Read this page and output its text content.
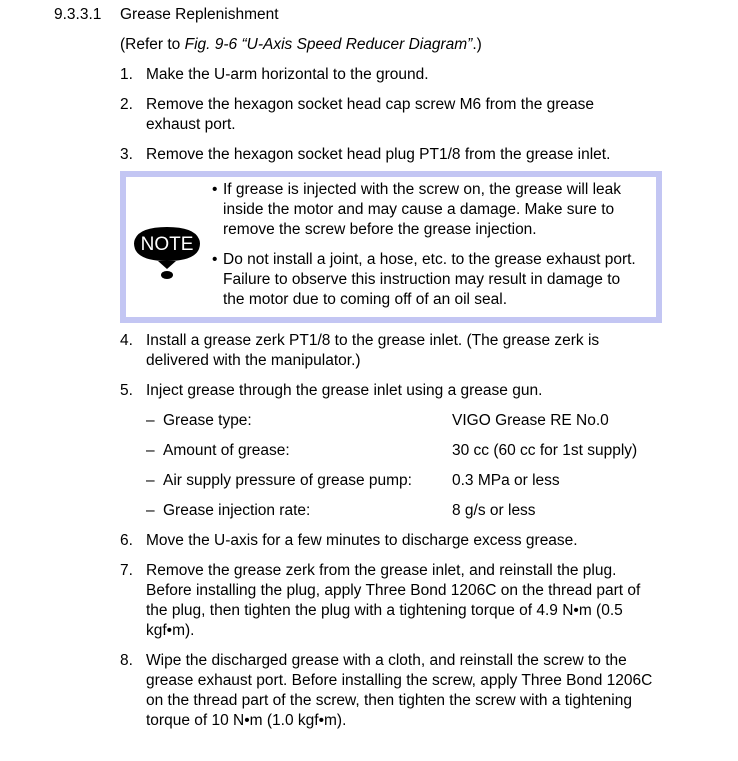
9.3.3.1 Grease Replenishment
(Refer to Fig. 9-6 “U-Axis Speed Reducer Diagram”.)
1. Make the U-arm horizontal to the ground.
2. Remove the hexagon socket head cap screw M6 from the grease exhaust port.
3. Remove the hexagon socket head plug PT1/8 from the grease inlet.
NOTE
• If grease is injected with the screw on, the grease will leak inside the motor and may cause a damage. Make sure to remove the screw before the grease injection.
• Do not install a joint, a hose, etc. to the grease exhaust port. Failure to observe this instruction may result in damage to the motor due to coming off of an oil seal.
4. Install a grease zerk PT1/8 to the grease inlet. (The grease zerk is delivered with the manipulator.)
5. Inject grease through the grease inlet using a grease gun.
– Grease type:	VIGO Grease RE No.0
– Amount of grease:	30 cc (60 cc for 1st supply)
– Air supply pressure of grease pump:	0.3 MPa or less
– Grease injection rate:	8 g/s or less
6. Move the U-axis for a few minutes to discharge excess grease.
7. Remove the grease zerk from the grease inlet, and reinstall the plug. Before installing the plug, apply Three Bond 1206C on the thread part of the plug, then tighten the plug with a tightening torque of 4.9 N•m (0.5 kgf•m).
8. Wipe the discharged grease with a cloth, and reinstall the screw to the grease exhaust port. Before installing the screw, apply Three Bond 1206C on the thread part of the screw, then tighten the screw with a tightening torque of 10 N•m (1.0 kgf•m).
